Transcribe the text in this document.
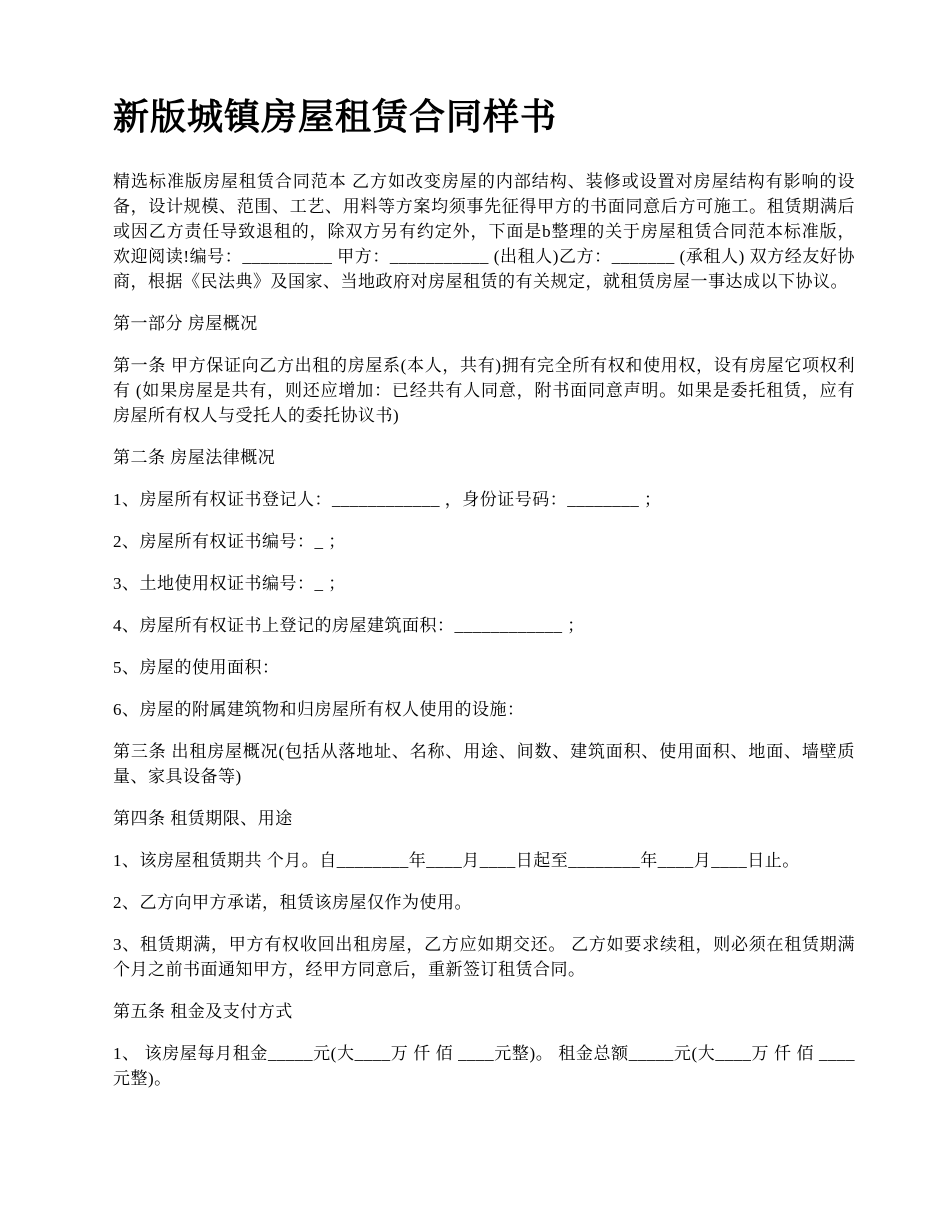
新版城镇房屋租赁合同样书

精选标准版房屋租赁合同范本 乙方如改变房屋的内部结构、装修或设置对房屋结构有影响的设备，设计规模、范围、工艺、用料等方案均须事先征得甲方的书面同意后方可施工。租赁期满后或因乙方责任导致退租的，除双方另有约定外，下面是b整理的关于房屋租赁合同范本标准版，欢迎阅读!编号：__________ 甲方：___________ (出租人)乙方：_______ (承租人) 双方经友好协商，根据《民法典》及国家、当地政府对房屋租赁的有关规定，就租赁房屋一事达成以下协议。

第一部分 房屋概况

第一条 甲方保证向乙方出租的房屋系(本人，共有)拥有完全所有权和使用权，设有房屋它项权利有 (如果房屋是共有，则还应增加：已经共有人同意，附书面同意声明。如果是委托租赁，应有房屋所有权人与受托人的委托协议书)

第二条 房屋法律概况

1、房屋所有权证书登记人：____________ ，身份证号码：________ ；

2、房屋所有权证书编号：_ ；

3、土地使用权证书编号：_ ；

4、房屋所有权证书上登记的房屋建筑面积：____________ ；

5、房屋的使用面积：

6、房屋的附属建筑物和归房屋所有权人使用的设施：

第三条 出租房屋概况(包括从落地址、名称、用途、间数、建筑面积、使用面积、地面、墙壁质量、家具设备等)

第四条 租赁期限、用途

1、该房屋租赁期共 个月。自________年____月____日起至________年____月____日止。

2、乙方向甲方承诺，租赁该房屋仅作为使用。

3、租赁期满，甲方有权收回出租房屋，乙方应如期交还。 乙方如要求续租，则必须在租赁期满 个月之前书面通知甲方，经甲方同意后，重新签订租赁合同。

第五条 租金及支付方式

1、 该房屋每月租金_____元(大____万 仟 佰 ____元整)。 租金总额_____元(大____万 仟 佰 ____元整)。
